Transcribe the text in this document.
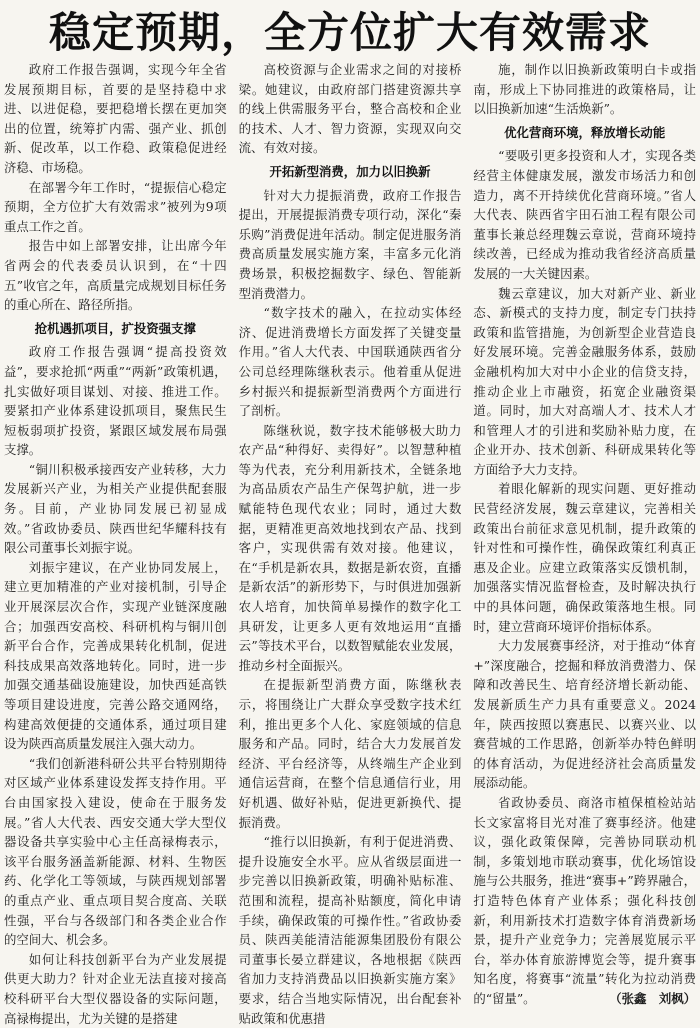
稳定预期，全方位扩大有效需求

政府工作报告强调，实现今年全省发展预期目标，首要的是坚持稳中求进、以进促稳，要把稳增长摆在更加突出的位置，统筹扩内需、强产业、抓创新、促改革，以工作稳、政策稳促进经济稳、市场稳。

在部署今年工作时，“提振信心稳定预期，全方位扩大有效需求”被列为9项重点工作之首。

报告中如上部署安排，让出席今年省两会的代表委员认识到，在“十四五”收官之年，高质量完成规划目标任务的重心所在、路径所指。

抢机遇抓项目，扩投资强支撑

政府工作报告强调“提高投资效益”，要求抢抓“两重”“两新”政策机遇，扎实做好项目谋划、对接、推进工作。要紧扣产业体系建设抓项目，聚焦民生短板弱项扩投资，紧跟区域发展布局强支撑。

“铜川积极承接西安产业转移，大力发展新兴产业，为相关产业提供配套服务。目前，产业协同发展已初显成效。”省政协委员、陕西世纪华耀科技有限公司董事长刘振宇说。

刘振宇建议，在产业协同发展上，建立更加精准的产业对接机制，引导企业开展深层次合作，实现产业链深度融合；加强西安高校、科研机构与铜川创新平台合作，完善成果转化机制，促进科技成果高效落地转化。同时，进一步加强交通基础设施建设，加快西延高铁等项目建设进度，完善公路交通网络，构建高效便捷的交通体系，通过项目建设为陕西高质量发展注入强大动力。

“我们创新港科研公共平台特别期待对区域产业体系建设发挥支持作用。平台由国家投入建设，使命在于服务发展。”省人大代表、西安交通大学大型仪器设备共享实验中心主任高禄梅表示，该平台服务涵盖新能源、材料、生物医药、化学化工等领域，与陕西规划部署的重点产业、重点项目契合度高、关联性强，平台与各级部门和各类企业合作的空间大、机会多。

如何让科技创新平台为产业发展提供更大助力？针对企业无法直接对接高校科研平台大型仪器设备的实际问题，高禄梅提出，尤为关键的是搭建

高校资源与企业需求之间的对接桥梁。她建议，由政府部门搭建资源共享的线上供需服务平台，整合高校和企业的技术、人才、智力资源，实现双向交流、有效对接。

开拓新型消费，加力以旧换新

针对大力提振消费，政府工作报告提出，开展提振消费专项行动，深化“秦乐购”消费促进年活动。制定促进服务消费高质量发展实施方案，丰富多元化消费场景，积极挖掘数字、绿色、智能新型消费潜力。

“数字技术的融入，在拉动实体经济、促进消费增长方面发挥了关键变量作用。”省人大代表、中国联通陕西省分公司总经理陈继秋表示。他着重从促进乡村振兴和提振新型消费两个方面进行了剖析。

陈继秋说，数字技术能够极大助力农产品“种得好、卖得好”。以智慧种植等为代表，充分利用新技术，全链条地为高品质农产品生产保驾护航，进一步赋能特色现代农业；同时，通过大数据，更精准更高效地找到农产品、找到客户，实现供需有效对接。他建议，在“手机是新农具，数据是新农资，直播是新农活”的新形势下，与时俱进加强新农人培育，加快简单易操作的数字化工具研发，让更多人更有效地运用“直播云”等技术平台，以数智赋能农业发展，推动乡村全面振兴。

在提振新型消费方面，陈继秋表示，将围绕让广大群众享受数字技术红利，推出更多个人化、家庭领域的信息服务和产品。同时，结合大力发展首发经济、平台经济等，从终端生产企业到通信运营商，在整个信息通信行业，用好机遇、做好补贴，促进更新换代、提振消费。

“推行以旧换新，有利于促进消费、提升设施安全水平。应从省级层面进一步完善以旧换新政策，明确补贴标准、范围和流程，提高补贴额度，简化申请手续，确保政策的可操作性。”省政协委员、陕西美能清洁能源集团股份有限公司董事长晏立群建议，各地根据《陕西省加力支持消费品以旧换新实施方案》要求，结合当地实际情况，出台配套补贴政策和优惠措

施，制作以旧换新政策明白卡或指南，形成上下协同推进的政策格局，让以旧换新加速“生活焕新”。

优化营商环境，释放增长动能

“要吸引更多投资和人才，实现各类经营主体健康发展，激发市场活力和创造力，离不开持续优化营商环境。”省人大代表、陕西省宇田石油工程有限公司董事长兼总经理魏云章说，营商环境持续改善，已经成为推动我省经济高质量发展的一大关键因素。

魏云章建议，加大对新产业、新业态、新模式的支持力度，制定专门扶持政策和监管措施，为创新型企业营造良好发展环境。完善金融服务体系，鼓励金融机构加大对中小企业的信贷支持，推动企业上市融资，拓宽企业融资渠道。同时，加大对高端人才、技术人才和管理人才的引进和奖励补贴力度，在企业开办、技术创新、科研成果转化等方面给予大力支持。

着眼化解新的现实问题、更好推动民营经济发展，魏云章建议，完善相关政策出台前征求意见机制，提升政策的针对性和可操作性，确保政策红利真正惠及企业。应建立政策落实反馈机制，加强落实情况监督检查，及时解决执行中的具体问题，确保政策落地生根。同时，建立营商环境评价指标体系。

大力发展赛事经济，对于推动“体育+”深度融合，挖掘和释放消费潜力、保障和改善民生、培育经济增长新动能、发展新质生产力具有重要意义。2024年，陕西按照以赛惠民、以赛兴业、以赛营城的工作思路，创新举办特色鲜明的体育活动，为促进经济社会高质量发展添动能。

省政协委员、商洛市植保植检站站长文家富将目光对准了赛事经济。他建议，强化政策保障，完善协同联动机制，多策划地市联动赛事，优化场馆设施与公共服务，推进“赛事+”跨界融合，打造特色体育产业体系；强化科技创新，利用新技术打造数字体育消费新场景，提升产业竞争力；完善展览展示平台，举办体育旅游博览会等，提升赛事知名度，将赛事“流量”转化为拉动消费的“留量”。	（张鑫　刘枫）
